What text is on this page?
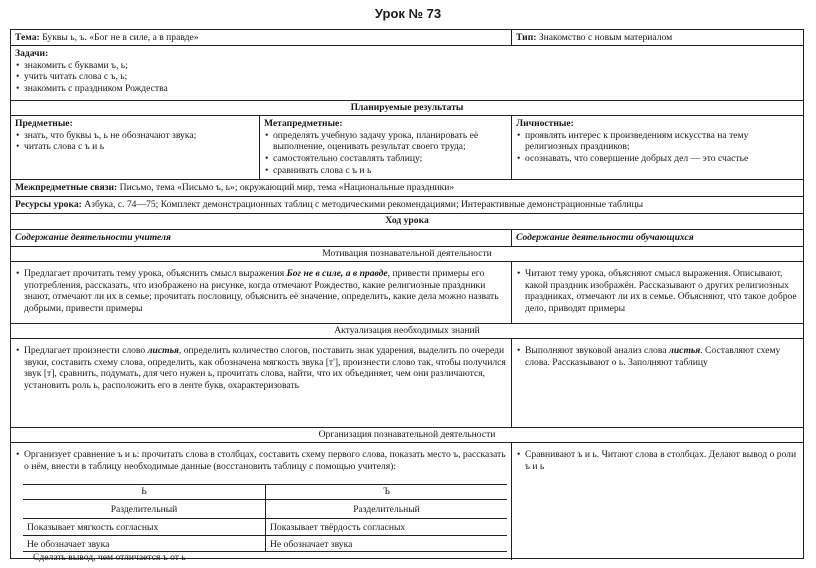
Урок № 73
Тема: Буквы ь, ъ. «Бог не в силе, а в правде»	Тип: Знакомство с новым материалом
Задачи:
• знакомить с буквами ъ, ь;
• учить читать слова с ъ, ь;
• знакомить с праздником Рождества
Планируемые результаты
Предметные:
• знать, что буквы ъ, ь не обозначают звука;
• читать слова с ъ и ь
Метапредметные:
• определять учебную задачу урока, планировать её выполнение, оценивать результат своего труда;
• самостоятельно составлять таблицу;
• сравнивать слова с ъ и ь
Личностные:
• проявлять интерес к произведениям искусства на тему религиозных праздников;
• осознавать, что совершение добрых дел — это счастье
Межпредметные связи: Письмо, тема «Письмо ъ, ь»; окружающий мир, тема «Национальные праздники»
Ресурсы урока: Азбука, с. 74—75; Комплект демонстрационных таблиц с методическими рекомендациями; Интерактивные демонстрационные таблицы
Ход урока
Содержание деятельности учителя	Содержание деятельности обучающихся
Мотивация познавательной деятельности
• Предлагает прочитать тему урока, объяснить смысл выражения Бог не в силе, а в правде, привести примеры его употребления, рассказать, что изображено на рисунке, когда отмечают Рождество, какие религиозные праздники знают, отмечают ли их в семье; прочитать пословицу, объяснить её значение, определить, какие дела можно назвать добрыми, привести примеры
• Читают тему урока, объясняют смысл выражения. Описывают, какой праздник изображён. Рассказывают о других религиозных праздниках, отмечают ли их в семье. Объясняют, что такое доброе дело, приводят примеры
Актуализация необходимых знаний
• Предлагает произнести слово листья, определить количество слогов, поставить знак ударения, выделить по очереди звуки, составить схему слова, определить, как обозначена мягкость звука [т'], произнести слово так, чтобы получился звук [т], сравнить, подумать, для чего нужен ь, прочитать слова, найти, что их объединяет, чем они различаются, установить роль ь, расположить его в ленте букв, охарактеризовать
• Выполняют звуковой анализ слова листья. Составляют схему слова. Рассказывают о ь. Заполняют таблицу
Организация познавательной деятельности
• Организует сравнение ъ и ь: прочитать слова в столбцах, составить схему первого слова, показать место ъ, рассказать о нём, внести в таблицу необходимые данные (восстановить таблицу с помощью учителя):
• Сравнивают ъ и ь. Читают слова в столбцах. Делают вывод о роли ъ и ь
Ь	Ъ
Разделительный	Разделительный
Показывает мягкость согласных	Показывает твёрдость согласных
Не обозначает звука	Не обозначает звука
Сделать вывод, чем отличается ъ от ь
